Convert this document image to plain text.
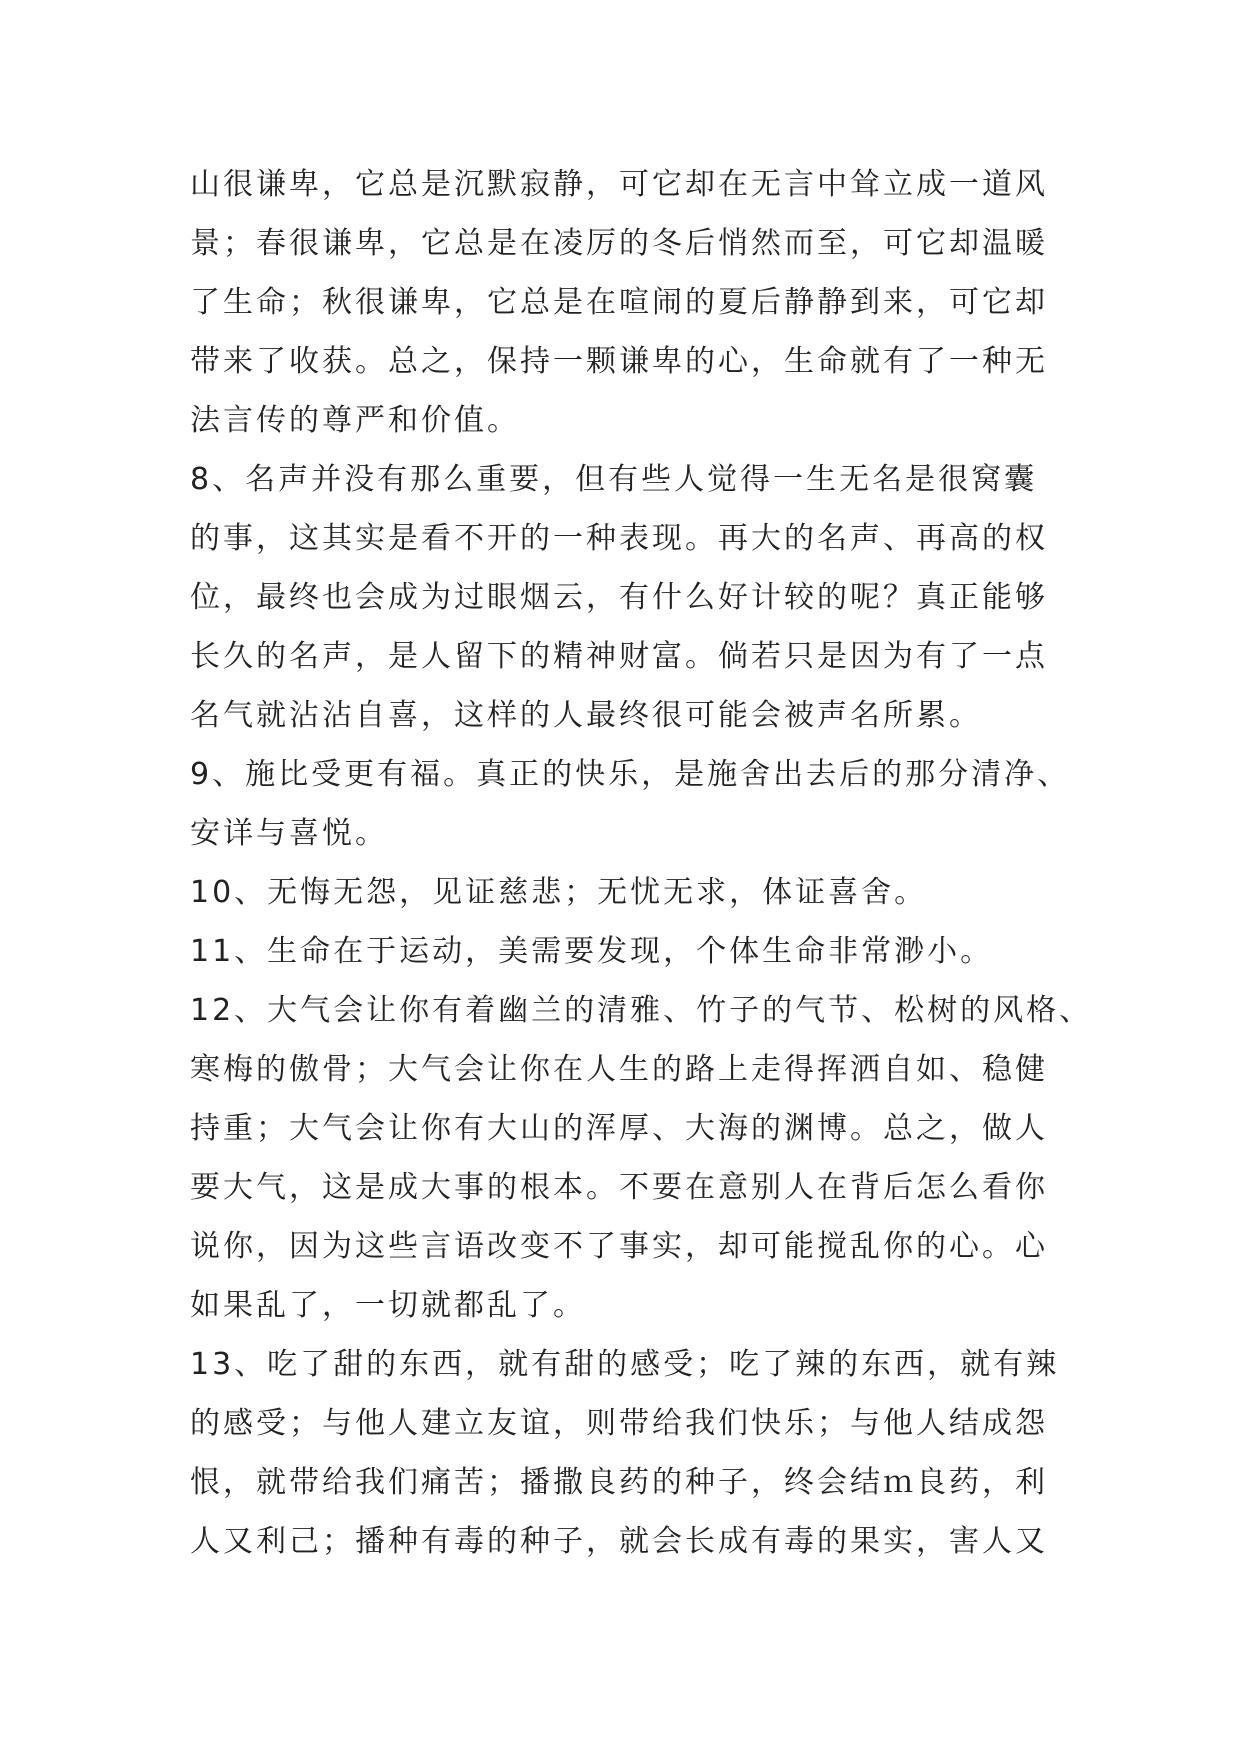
山很谦卑，它总是沉默寂静，可它却在无言中耸立成一道风
景；春很谦卑，它总是在凌厉的冬后悄然而至，可它却温暖
了生命；秋很谦卑，它总是在喧闹的夏后静静到来，可它却
带来了收获。总之，保持一颗谦卑的心，生命就有了一种无
法言传的尊严和价值。
8、名声并没有那么重要，但有些人觉得一生无名是很窝囊
的事，这其实是看不开的一种表现。再大的名声、再高的权
位，最终也会成为过眼烟云，有什么好计较的呢？真正能够
长久的名声，是人留下的精神财富。倘若只是因为有了一点
名气就沾沾自喜，这样的人最终很可能会被声名所累。
9、施比受更有福。真正的快乐，是施舍出去后的那分清净、
安详与喜悦。
10、无悔无怨，见证慈悲；无忧无求，体证喜舍。
11、生命在于运动，美需要发现，个体生命非常渺小。
12、大气会让你有着幽兰的清雅、竹子的气节、松树的风格、
寒梅的傲骨；大气会让你在人生的路上走得挥洒自如、稳健
持重；大气会让你有大山的浑厚、大海的渊博。总之，做人
要大气，这是成大事的根本。不要在意别人在背后怎么看你
说你，因为这些言语改变不了事实，却可能搅乱你的心。心
如果乱了，一切就都乱了。
13、吃了甜的东西，就有甜的感受；吃了辣的东西，就有辣
的感受；与他人建立友谊，则带给我们快乐；与他人结成怨
恨，就带给我们痛苦；播撒良药的种子，终会结ｍ良药，利
人又利己；播种有毒的种子，就会长成有毒的果实，害人又
